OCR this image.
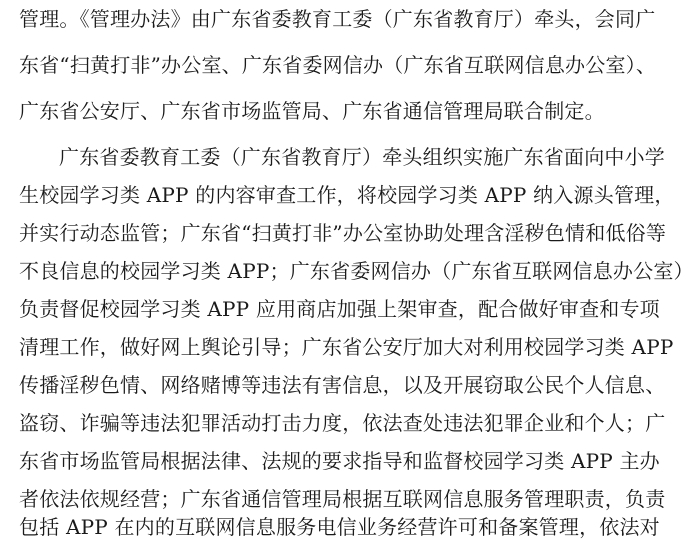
管理。《管理办法》由广东省委教育工委（广东省教育厅）牵头，会同广
东省“扫黄打非”办公室、广东省委网信办（广东省互联网信息办公室）、
广东省公安厅、广东省市场监管局、广东省通信管理局联合制定。
广东省委教育工委（广东省教育厅）牵头组织实施广东省面向中小学
生校园学习类 APP 的内容审查工作，将校园学习类 APP 纳入源头管理，
并实行动态监管；广东省“扫黄打非”办公室协助处理含淫秽色情和低俗等
不良信息的校园学习类 APP；广东省委网信办（广东省互联网信息办公室）
负责督促校园学习类 APP 应用商店加强上架审查，配合做好审查和专项
清理工作，做好网上舆论引导；广东省公安厅加大对利用校园学习类 APP
传播淫秽色情、网络赌博等违法有害信息，以及开展窃取公民个人信息、
盗窃、诈骗等违法犯罪活动打击力度，依法查处违法犯罪企业和个人；广
东省市场监管局根据法律、法规的要求指导和监督校园学习类 APP 主办
者依法依规经营；广东省通信管理局根据互联网信息服务管理职责，负责
包括 APP 在内的互联网信息服务电信业务经营许可和备案管理，依法对
